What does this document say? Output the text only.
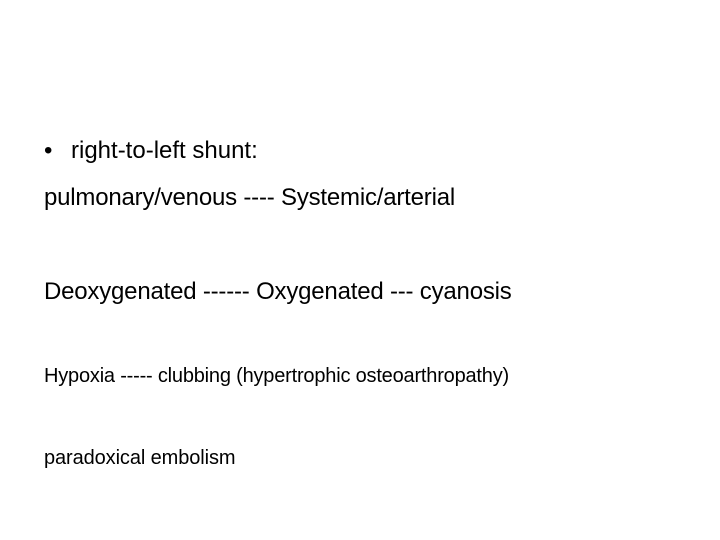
• right-to-left shunt:
pulmonary/venous ---- Systemic/arterial
Deoxygenated ------ Oxygenated --- cyanosis
Hypoxia ----- clubbing (hypertrophic osteoarthropathy)
paradoxical embolism
